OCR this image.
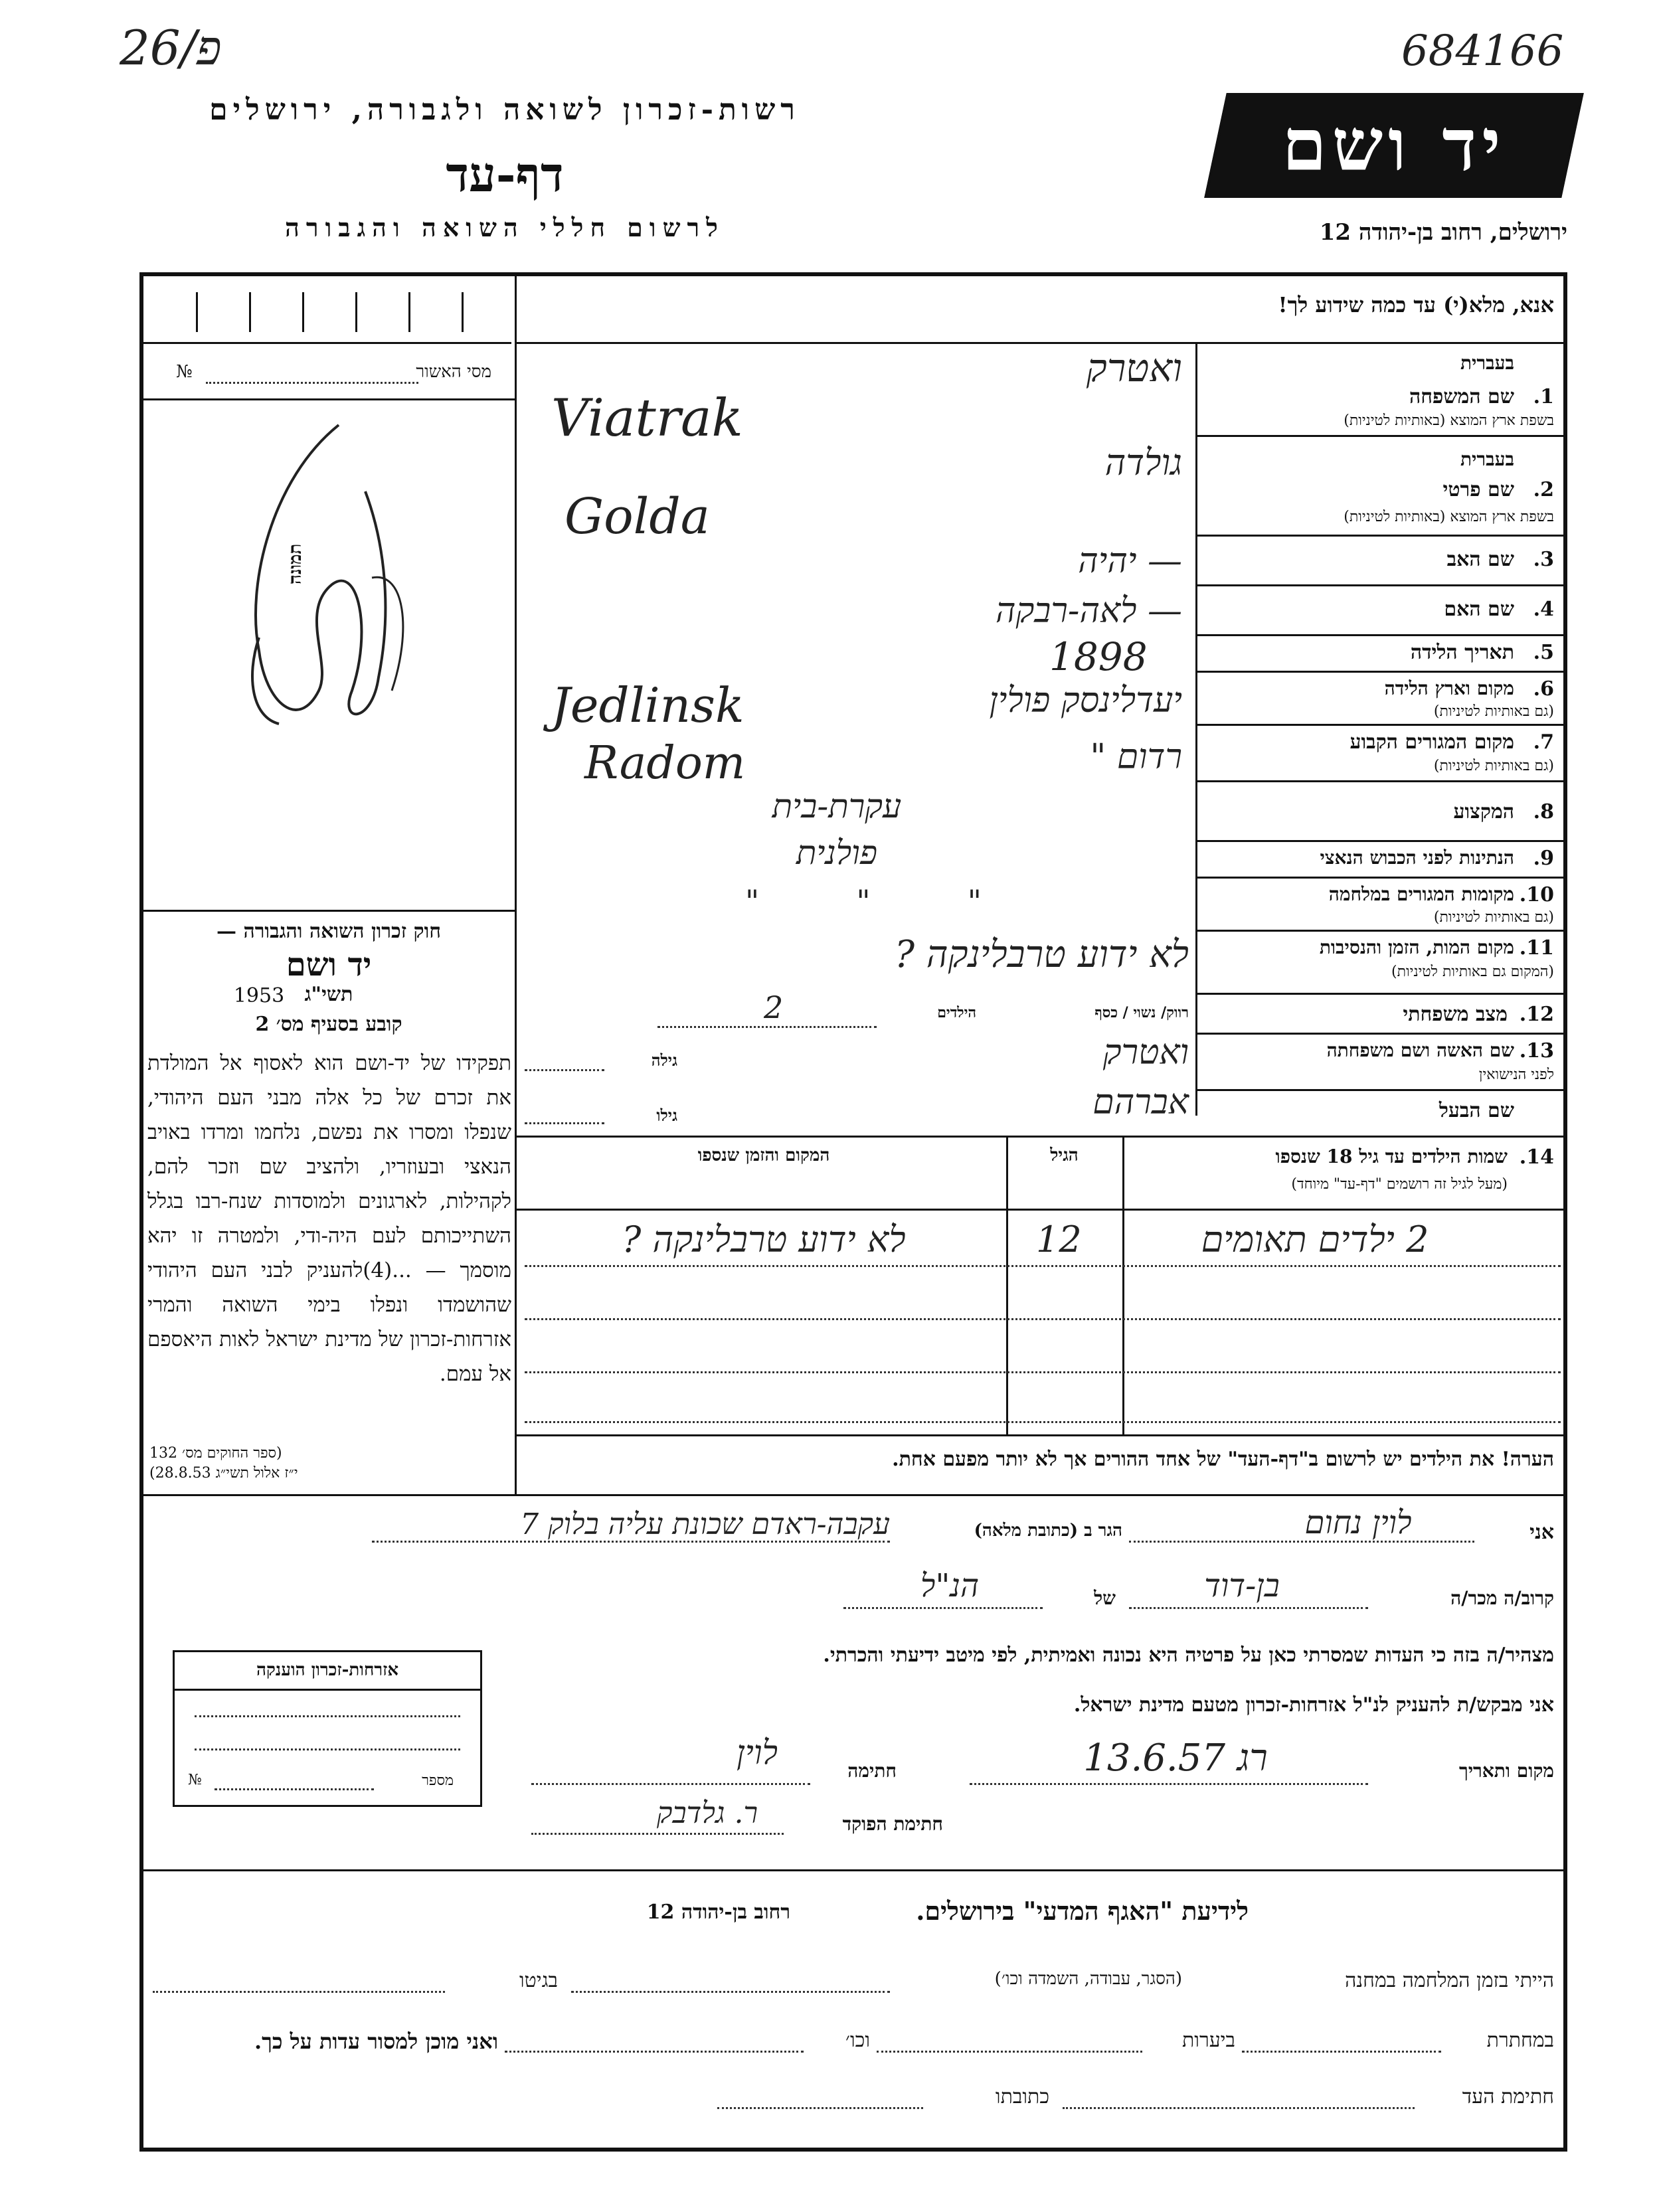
26/פ	684166
רשות-זכרון לשואה ולגבורה, ירושלים
דף-עד
לרשום חללי השואה והגבורה
יד ושם
ירושלים, רחוב בן-יהודה 12
מסי האשור
№
תמונה
חוק זכרון השואה והגבורה —
יד ושם
תשי"ג
1953
קובע בסעיף מס׳ 2
תפקידו של יד-ושם הוא לאסוף אל המולדת את זכרם של כל אלה מבני העם היהודי, שנפלו ומסרו את נפשם, נלחמו ומרדו באויב הנאצי ובעוזריו, ולהציב שם וזכר להם, לקהילות, לארגונים ולמוסדות שנח-רבו בגלל השתייכותם לעם היה-ודי, ולמטרה זו יהא מוסמך — ...(4)להעניק לבני העם היהודי שהושמדו ונפלו בימי השואה והמרי אזרחות-זכרון של מדינת ישראל לאות היאספם אל עמם.
(ספר החוקים מס׳ 132
י״ז אלול תשי״ג 28.8.53)
אנא, מלא(י) עד כמה שידוע לך!
בעברית
1.
שם המשפחה
בשפת ארץ המוצא (באותיות לטיניות)
ואטרק
Viatrak
בעברית
2.
שם פרטי
בשפת ארץ המוצא (באותיות לטיניות)
גולדה
Golda
3.
שם האב
— יהיה
4.
שם האם
— לאה-רבקה
5.
תאריך הלידה
1898
6.
מקום וארץ הלידה
(גם באותיות לטיניות)
יעדלינסק פולין
Jedlinsk
7.
מקום המגורים הקבוע
(גם באותיות לטיניות)
רדום "
Radom
8.
המקצוע
עקרת-בית
9.
הנתינות לפני הכבוש הנאצי
פולנית
10.
מקומות המגורים במלחמה
(גם באותיות לטיניות)
"          "          "
11.
מקום המות, הזמן והנסיבות
(המקום גם באותיות לטיניות)
לא ידוע טרבלינקה ?
12.
מצב משפחתי
רווק/ נשוי / כסף
הילדים
2
13.
שם האשה ושם משפחתה
לפני הנישואין
ואטרק
גילה
שם הבעל
אברהם
גילו
14.
שמות הילדים עד גיל 18 שנספו
(מעל לגיל זה רושמים "דף-עד" מיוחד)
הגיל
המקום והזמן שנספו
2 ילדים תאומים
12
לא ידוע טרבלינקה ?
הערה! את הילדים יש לרשום ב"דף-העד" של אחד ההורים אך לא יותר מפעם אחת.
אני
לוין נחום
הגר ב (כתובת מלאה)
עקבה-ראדם שכונת עליה בלוק 7
קרוב/ה מכר/ה
בן-דוד
של
הנ"ל
מצהיר/ה בזה כי העדות שמסרתי כאן על פרטיה היא נכונה ואמיתית, לפי מיטב ידיעתי והכרתי.
אני מבקש/ת להעניק לנ"ל אזרחות-זכרון מטעם מדינת ישראל.
מקום ותאריך
רג 13.6.57
חתימה
לוין
חתימת הפוקד
ר. גלדבק
אזרחות-זכרון הוענקה
מספר
№
לידיעת "האגף המדעי" בירושלים.
רחוב בן-יהודה 12
הייתי בזמן המלחמה במחנה
(הסגר, עבודה, השמדה וכו׳)
בגיטו
במחתרת
ביערות
וכו׳
ואני מוכן למסור עדות על כך.
חתימת העד
כתובתו
